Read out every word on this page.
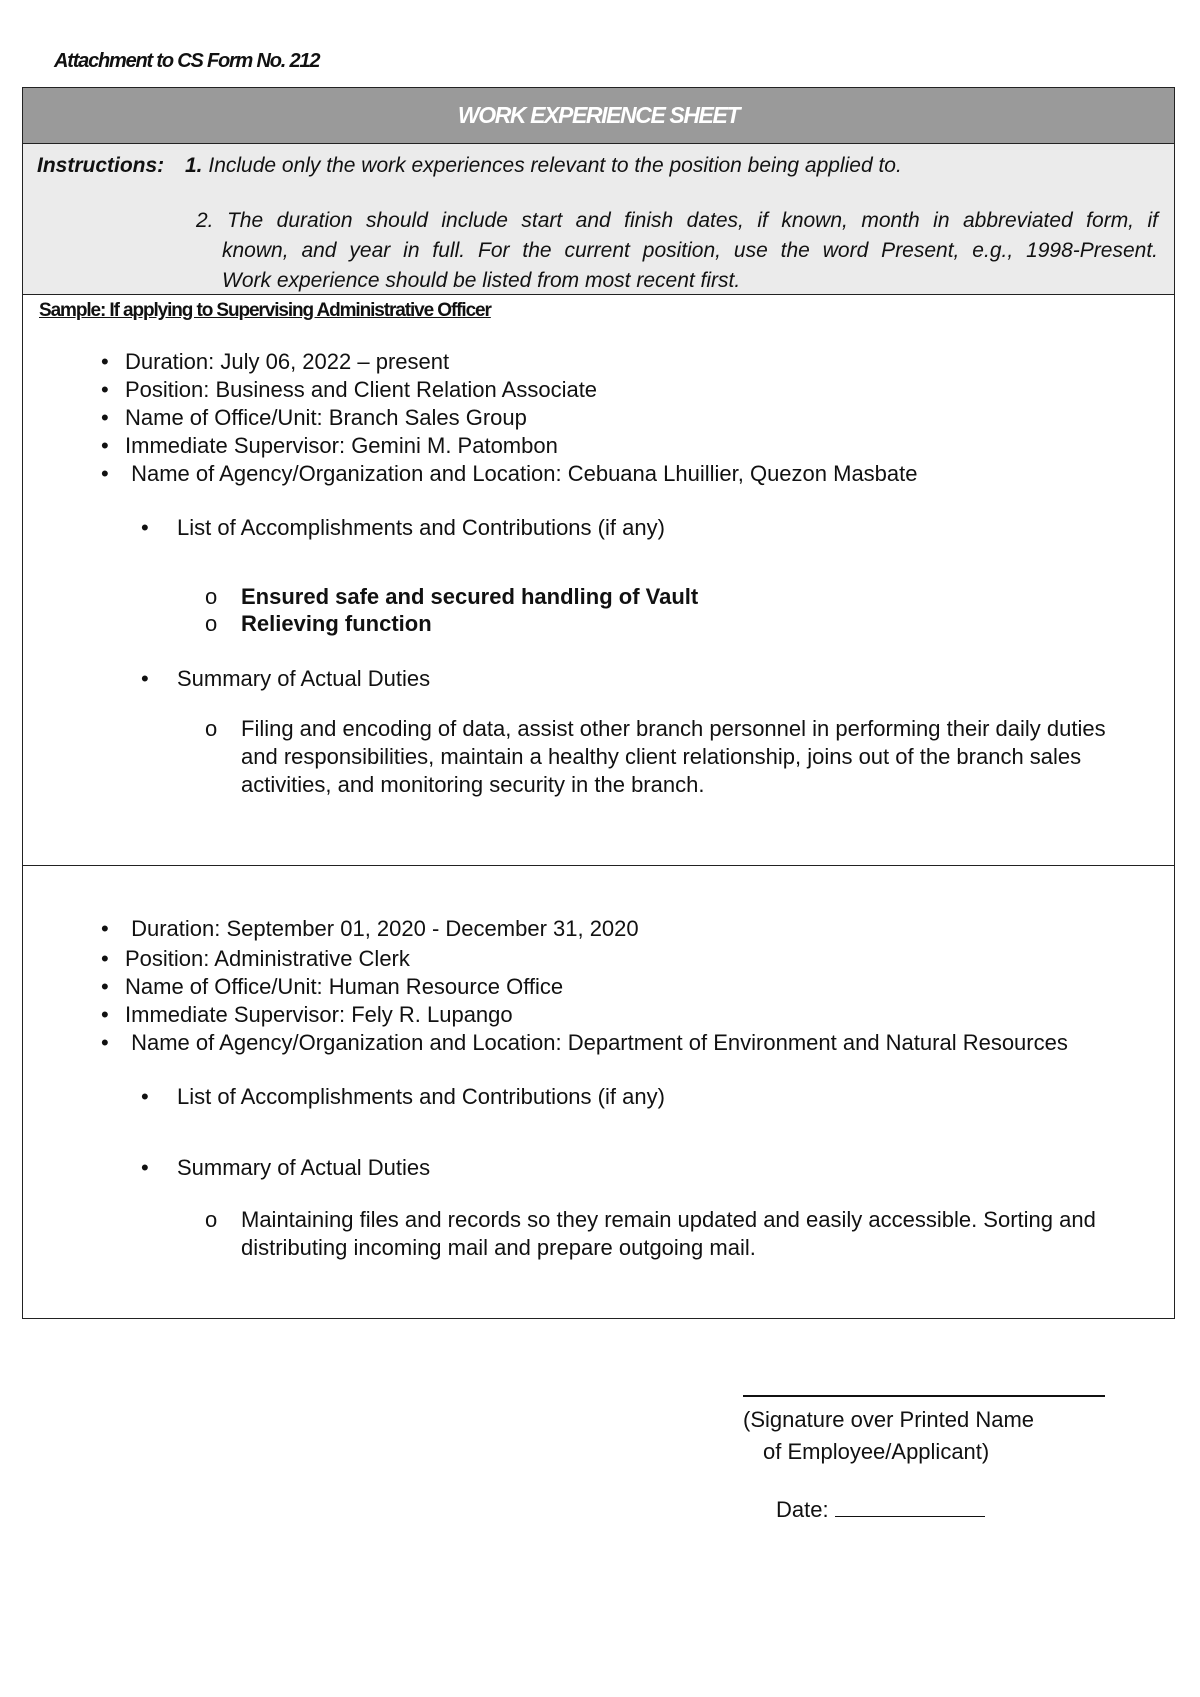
Attachment to CS Form No. 212
WORK EXPERIENCE SHEET
Instructions: 1. Include only the work experiences relevant to the position being applied to.
2. The duration should include start and finish dates, if known, month in abbreviated form, if
known, and year in full. For the current position, use the word Present, e.g., 1998-Present.
Work experience should be listed from most recent first.
Sample: If applying to Supervising Administrative Officer
• Duration: July 06, 2022 – present
• Position: Business and Client Relation Associate
• Name of Office/Unit: Branch Sales Group
• Immediate Supervisor: Gemini M. Patombon
• Name of Agency/Organization and Location: Cebuana Lhuillier, Quezon Masbate
• List of Accomplishments and Contributions (if any)
o Ensured safe and secured handling of Vault
o Relieving function
• Summary of Actual Duties
o	Filing and encoding of data, assist other branch personnel in performing their daily duties and responsibilities, maintain a healthy client relationship, joins out of the branch sales activities, and monitoring security in the branch.
• Duration: September 01, 2020 - December 31, 2020
• Position: Administrative Clerk
• Name of Office/Unit: Human Resource Office
• Immediate Supervisor: Fely R. Lupango
• Name of Agency/Organization and Location: Department of Environment and Natural Resources
• List of Accomplishments and Contributions (if any)
• Summary of Actual Duties
o	Maintaining files and records so they remain updated and easily accessible. Sorting and distributing incoming mail and prepare outgoing mail.
(Signature over Printed Name
of Employee/Applicant)
Date:
